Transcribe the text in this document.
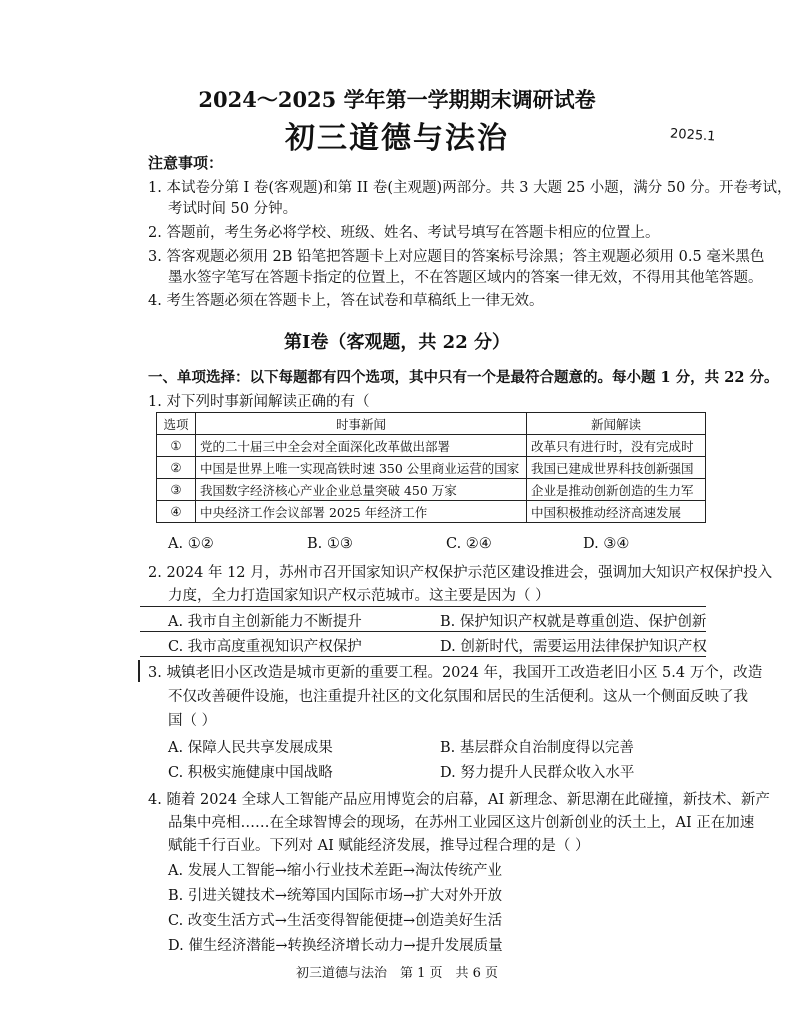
2024～2025 学年第一学期期末调研试卷
初三道德与法治	2025.1
注意事项：
1. 本试卷分第 I 卷(客观题)和第 II 卷(主观题)两部分。共 3 大题 25 小题，满分 50 分。开卷考试，
考试时间 50 分钟。
2. 答题前，考生务必将学校、班级、姓名、考试号填写在答题卡相应的位置上。
3. 答客观题必须用 2B 铅笔把答题卡上对应题目的答案标号涂黑；答主观题必须用 0.5 毫米黑色
墨水签字笔写在答题卡指定的位置上，不在答题区域内的答案一律无效，不得用其他笔答题。
4. 考生答题必须在答题卡上，答在试卷和草稿纸上一律无效。
第Ⅰ卷（客观题，共 22 分）
一、单项选择：以下每题都有四个选项，其中只有一个是最符合题意的。每小题 1 分，共 22 分。
1. 对下列时事新闻解读正确的有（
选项	时事新闻	新闻解读
①	党的二十届三中全会对全面深化改革做出部署	改革只有进行时，没有完成时
②	中国是世界上唯一实现高铁时速 350 公里商业运营的国家	我国已建成世界科技创新强国
③	我国数字经济核心产业企业总量突破 450 万家	企业是推动创新创造的生力军
④	中央经济工作会议部署 2025 年经济工作	中国积极推动经济高速发展
A. ①②	B. ①③	C. ②④	D. ③④
2. 2024 年 12 月，苏州市召开国家知识产权保护示范区建设推进会，强调加大知识产权保护投入
力度，全力打造国家知识产权示范城市。这主要是因为（ ）
A. 我市自主创新能力不断提升	B. 保护知识产权就是尊重创造、保护创新
C. 我市高度重视知识产权保护	D. 创新时代，需要运用法律保护知识产权
3. 城镇老旧小区改造是城市更新的重要工程。2024 年，我国开工改造老旧小区 5.4 万个，改造
不仅改善硬件设施，也注重提升社区的文化氛围和居民的生活便利。这从一个侧面反映了我
国（ ）
A. 保障人民共享发展成果	B. 基层群众自治制度得以完善
C. 积极实施健康中国战略	D. 努力提升人民群众收入水平
4. 随着 2024 全球人工智能产品应用博览会的启幕，AI 新理念、新思潮在此碰撞，新技术、新产
品集中亮相……在全球智博会的现场，在苏州工业园区这片创新创业的沃土上，AI 正在加速
赋能千行百业。下列对 AI 赋能经济发展，推导过程合理的是（ ）
A. 发展人工智能→缩小行业技术差距→淘汰传统产业
B. 引进关键技术→统筹国内国际市场→扩大对外开放
C. 改变生活方式→生活变得智能便捷→创造美好生活
D. 催生经济潜能→转换经济增长动力→提升发展质量
初三道德与法治　第 1 页　共 6 页
